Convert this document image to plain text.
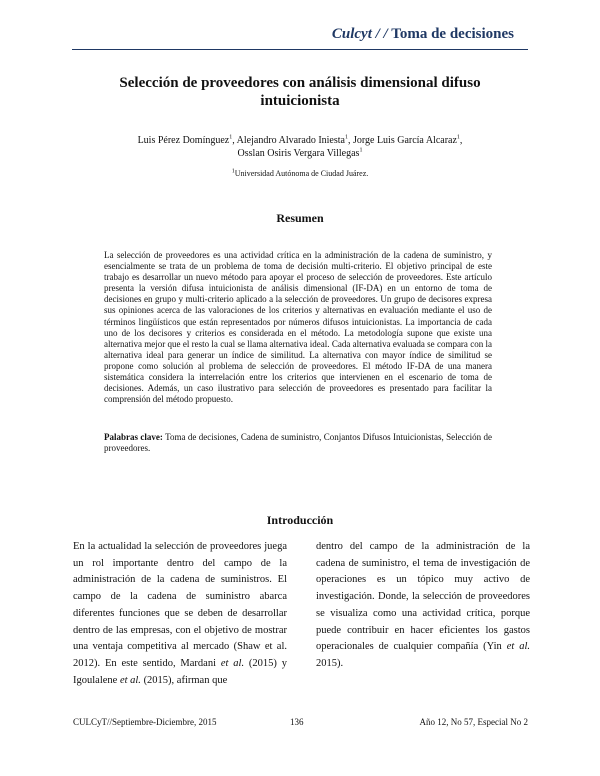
Culcyt / / Toma de decisiones
Selección de proveedores con análisis dimensional difuso intuicionista
Luis Pérez Domínguez$^1$, Alejandro Alvarado Iniesta$^1$, Jorge Luis García Alcaraz$^1$,
Osslan Osiris Vergara Villegas$^1$
$^1$Universidad Autónoma de Ciudad Juárez.
Resumen

La selección de proveedores es una actividad crítica en la administración de la cadena de suministro, y esencialmente se trata de un problema de toma de decisión multi-criterio. El objetivo principal de este trabajo es desarrollar un nuevo método para apoyar el proceso de selección de proveedores. Este artículo presenta la versión difusa intuicionista de análisis dimensional (IF-DA) en un entorno de toma de decisiones en grupo y multi-criterio aplicado a la selección de proveedores. Un grupo de decisores expresa sus opiniones acerca de las valoraciones de los criterios y alternativas en evaluación mediante el uso de términos lingüísticos que están representados por números difusos intuicionistas. La importancia de cada uno de los decisores y criterios es considerada en el método. La metodología supone que existe una alternativa mejor que el resto la cual se llama alternativa ideal. Cada alternativa evaluada se compara con la alternativa ideal para generar un índice de similitud. La alternativa con mayor índice de similitud se propone como solución al problema de selección de proveedores. El método IF-DA de una manera sistemática considera la interrelación entre los criterios que intervienen en el escenario de toma de decisiones. Además, un caso ilustrativo para selección de proveedores es presentado para facilitar la comprensión del método propuesto.

Palabras clave: Toma de decisiones, Cadena de suministro, Conjantos Difusos Intuicionistas, Selección de proveedores.

Introducción

En la actualidad la selección de proveedores juega un rol importante dentro del campo de la administración de la cadena de suministros. El campo de la cadena de suministro abarca diferentes funciones que se deben de desarrollar dentro de las empresas, con el objetivo de mostrar una ventaja competitiva al mercado (Shaw et al. 2012). En este sentido, Mardani et al. (2015) y Igoulalene et al. (2015), afirman que

dentro del campo de la administración de la cadena de suministro, el tema de investigación de operaciones es un tópico muy activo de investigación. Donde, la selección de proveedores se visualiza como una actividad crítica, porque puede contribuir en hacer eficientes los gastos operacionales de cualquier compañía (Yin et al. 2015).

CULCyT//Septiembre-Diciembre, 2015	136	Año 12, No 57, Especial No 2
